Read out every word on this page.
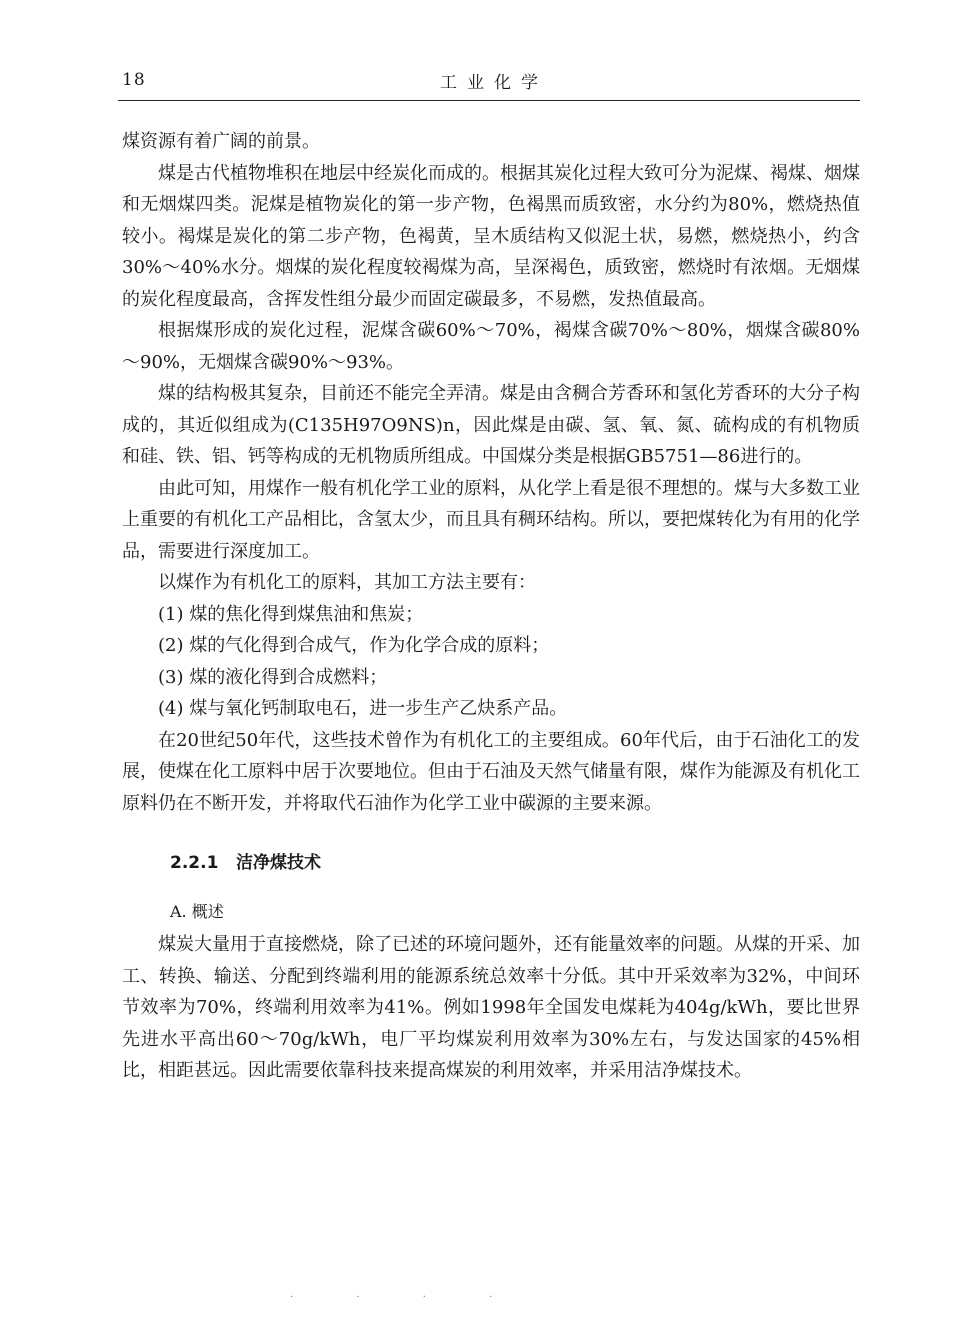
18	工业化学

煤资源有着广阔的前景。

煤是古代植物堆积在地层中经炭化而成的。根据其炭化过程大致可分为泥煤、褐煤、烟煤和无烟煤四类。泥煤是植物炭化的第一步产物，色褐黑而质致密，水分约为80%，燃烧热值较小。褐煤是炭化的第二步产物，色褐黄，呈木质结构又似泥土状，易燃，燃烧热小，约含30%～40%水分。烟煤的炭化程度较褐煤为高，呈深褐色，质致密，燃烧时有浓烟。无烟煤的炭化程度最高，含挥发性组分最少而固定碳最多，不易燃，发热值最高。

根据煤形成的炭化过程，泥煤含碳60%～70%，褐煤含碳70%～80%，烟煤含碳80%～90%，无烟煤含碳90%～93%。

煤的结构极其复杂，目前还不能完全弄清。煤是由含稠合芳香环和氢化芳香环的大分子构成的，其近似组成为(C135H97O9NS)n，因此煤是由碳、氢、氧、氮、硫构成的有机物质和硅、铁、铝、钙等构成的无机物质所组成。中国煤分类是根据GB5751—86进行的。

由此可知，用煤作一般有机化学工业的原料，从化学上看是很不理想的。煤与大多数工业上重要的有机化工产品相比，含氢太少，而且具有稠环结构。所以，要把煤转化为有用的化学品，需要进行深度加工。

以煤作为有机化工的原料，其加工方法主要有：

(1) 煤的焦化得到煤焦油和焦炭；

(2) 煤的气化得到合成气，作为化学合成的原料；

(3) 煤的液化得到合成燃料；

(4) 煤与氧化钙制取电石，进一步生产乙炔系产品。

在20世纪50年代，这些技术曾作为有机化工的主要组成。60年代后，由于石油化工的发展，使煤在化工原料中居于次要地位。但由于石油及天然气储量有限，煤作为能源及有机化工原料仍在不断开发，并将取代石油作为化学工业中碳源的主要来源。

2.2.1 洁净煤技术
A. 概述

煤炭大量用于直接燃烧，除了已述的环境问题外，还有能量效率的问题。从煤的开采、加工、转换、输送、分配到终端利用的能源系统总效率十分低。其中开采效率为32%，中间环节效率为70%，终端利用效率为41%。例如1998年全国发电煤耗为404g/kWh，要比世界先进水平高出60～70g/kWh，电厂平均煤炭利用效率为30%左右，与发达国家的45%相比，相距甚远。因此需要依靠科技来提高煤炭的利用效率，并采用洁净煤技术。

· · · ·
